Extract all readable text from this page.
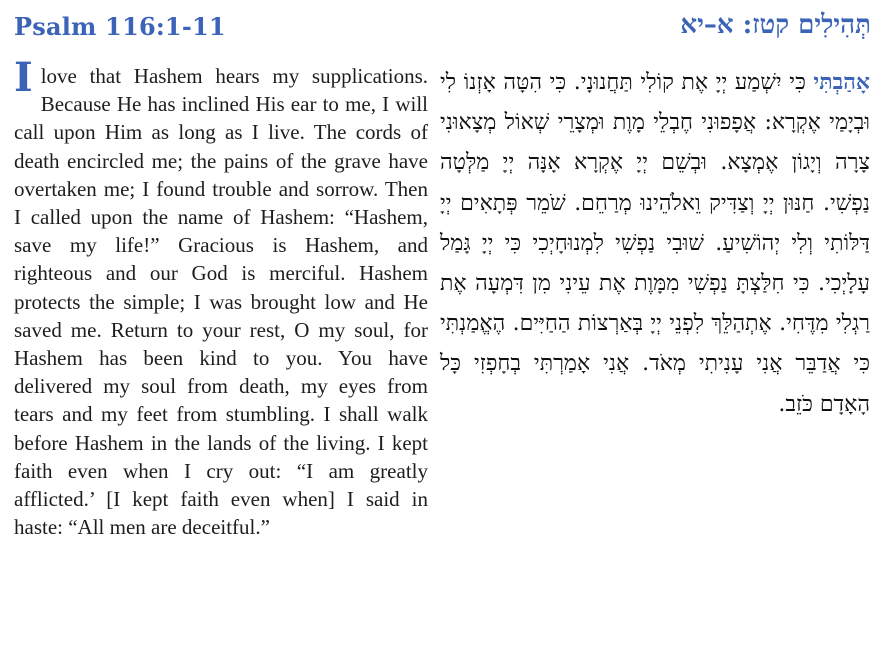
Psalm 116:1-11	תְּהִילִים קטז: א–יא
I love that Hashem hears my supplications. Because He has inclined His ear to me, I will call upon Him as long as I live. The cords of death encircled me; the pains of the grave have overtaken me; I found trouble and sorrow. Then I called upon the name of Hashem: “Hashem, save my life!” Gracious is Hashem, and righteous and our God is merciful. Hashem protects the simple; I was brought low and He saved me. Return to your rest, O my soul, for Hashem has been kind to you. You have delivered my soul from death, my eyes from tears and my feet from stumbling. I shall walk before Hashem in the lands of the living. I kept faith even when I cry out: “I am greatly afflicted.’ [I kept faith even when] I said in haste: “All men are deceitful.”
אָהַבְתִּי כִּי יִשְׁמַע יְיָ אֶת קוֹלִי תַּחֲנוּנָי. כִּי הִטָּה אָזְנוֹ לִי וּבְיָמַי אֶקְרָא: אֲפָפוּנִי חֶבְלֵי מָוֶת וּמְצָרֵי שְׁאוֹל מְצָאוּנִי צָרָה וְיָגוֹן אֶמְצָא. וּבְשֵׁם יְיָ אֶקְרָא אָנָּה יְיָ מַלְּטָה נַפְשִׁי. חַנּוּן יְיָ וְצַדִּיק וֵאלֹהֵינוּ מְרַחֵם. שֹׁמֵר פְּתָאִים יְיָ דַּלּוֹתִי וְלִי יְהוֹשִׁיעַ. שׁוּבִי נַפְשִׁי לִמְנוּחָיְכִי כִּי יְיָ גָּמַל עָלָיְכִי. כִּי חִלַּצְתָּ נַפְשִׁי מִמָּוֶת אֶת עֵינִי מִן דִּמְעָה אֶת רַגְלִי מִדֶּחִי. אֶתְהַלֵּךְ לִפְנֵי יְיָ בְּאַרְצוֹת הַחַיִּים. הֶאֱמַנְתִּי כִּי אֲדַבֵּר אֲנִי עָנִיתִי מְאֹד. אֲנִי אָמַרְתִּי בְחָפְזִי כָּל הָאָדָם כֹּזֵב.
